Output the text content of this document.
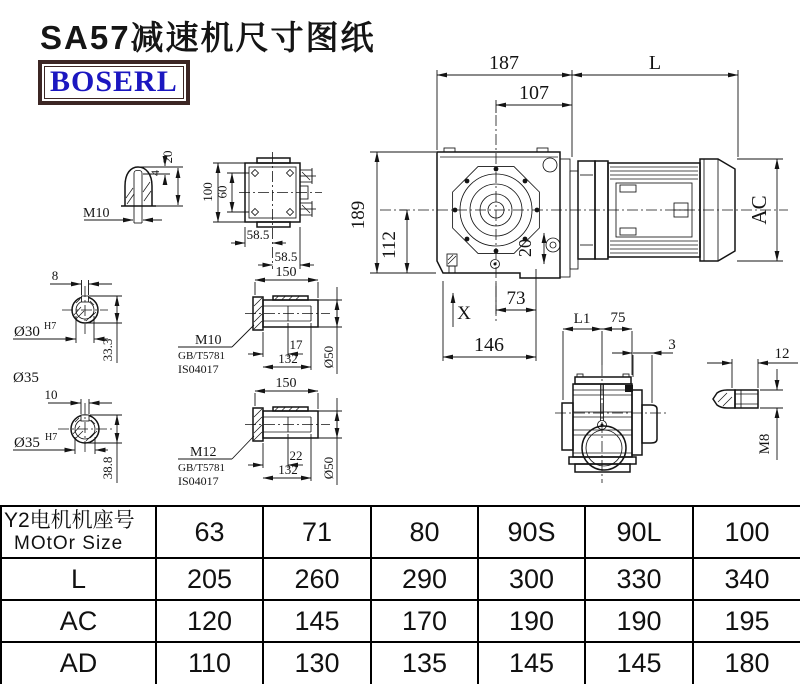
SA57减速机尺寸图纸
BOSERL
M10
4
20
100 60
58.5
58.5
8
Ø30 H7
33.3
Ø35
150
17
132 Ø50
M10
GB/T5781
IS04017
10
Ø35 H7
38.8
150
22
132 Ø50
M12
GB/T5781
IS04017
187	L
107
189
112	20
X
73
146
AC
L1 75
3
12
M8
Y2电机机座号
MOtOr Size	63	71	80	90S	90L	100
L	205	260	290	300	330	340
AC	120	145	170	190	190	195
AD	110	130	135	145	145	180
